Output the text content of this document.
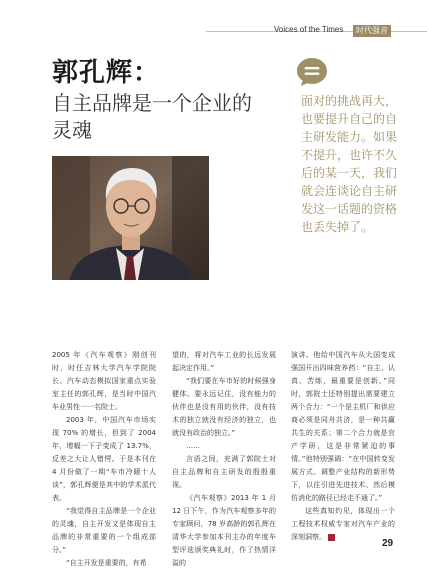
Voices of the Times	时代强音
郭孔辉：
自主品牌是一个企业的灵魂
面对的挑战再大，也要提升自己的自主研发能力。如果不提升，也许不久后的某一天，我们就会连谈论自主研发这一话题的资格也丢失掉了。

2005 年《汽车观察》刚创刊时，时任吉林大学汽车学院院长、汽车动态模拟国家重点实验室主任的郭孔辉，是当时中国汽车业男性一一名院士。

2003 年，中国汽车市场实现 70% 的增长，但到了 2004 年，增幅一下子变成了 13.7%，反差之大让人错愕。于是本刊在 4 月份做了一期“车市冷暖十人谈”，郭孔辉便是其中的学术派代表。

“我觉得自主品牌是一个企业的灵魂，自主开发又是体现自主品牌的非常重要的一个组成部分。”

“自主开发是重要的，有希

望的，将对汽车工业的长远发展起决定作用。”

“我们要在车市好的时候强身健体。要永远记住，没有能力的伙伴也是没有用的伙伴，没有技术的独立就没有经济的独立，也就没有政治的独立。”

……

言语之间，充满了郭院士对自主品牌和自主研发的殷殷重视。

《汽车观察》2013 年 1 月 12 日下午，作为汽车观察多年的专家顾问，78 岁高龄的郭孔辉在清华大学参加本刊主办的年度车型评选颁奖典礼时，作了热情洋溢的

演讲。他给中国汽车从大国变成强国开出四味营养药：“自主、认真、苦练、最重要是创新。”同时，郭院士还特别提出需要建立两个合力：“一个是主机厂和供应商必须是同舟共济，是一种共赢共生的关系；第二个合力就是官产学研，这是非常紧迫的事情。”他特别强调：“在中国转变发展方式、调整产业结构的新形势下，以往引进先进技术、然后模仿消化的路径已经走不通了。”

这些真知灼见，体现出一个工程技术权威专家对汽车产业的深刻洞察。

29
